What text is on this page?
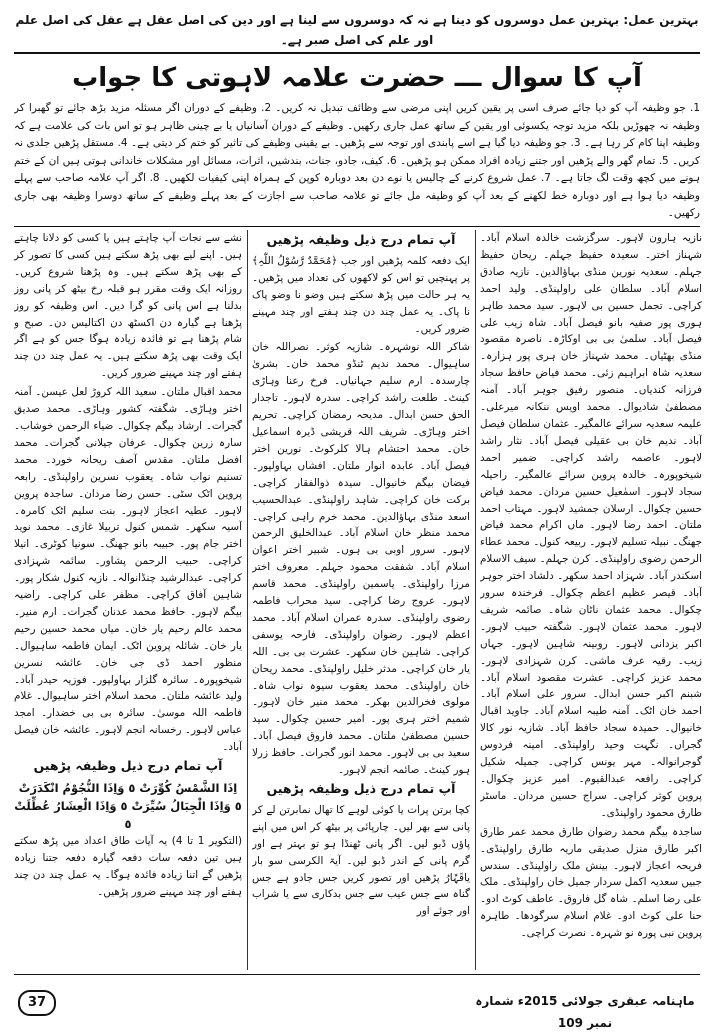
بہترین عمل: بہترین عمل دوسروں کو دینا ہے نہ کہ دوسروں سے لینا ہے اور دین کی اصل عقل ہے عقل کی اصل علم اور علم کی اصل صبر ہے۔
آپ کا سوال ـــ حضرت علامہ لاہوتی کا جواب
1. جو وظیفہ آپ کو دیا جائے صرف اسی پر یقین کریں اپنی مرضی سے وظائف تبدیل نہ کریں۔ 2. وظیفے کے دوران اگر مسئلہ مزید بڑھ جائے تو گھبرا کر وظیفہ نہ چھوڑیں بلکہ مزید توجہ یکسوئی اور یقین کے ساتھ عمل جاری رکھیں۔ وظیفے کے دوران آسانیاں یا بے چینی ظاہر ہو تو اس بات کی علامت ہے کہ وظیفہ اپنا کام کر رہا ہے۔ 3. جو وظیفہ دیا گیا ہے اسے پابندی اور توجہ سے پڑھیں۔ بے یقینی وظیفے کی تاثیر کو ختم کر دیتی ہے۔ 4. مستقل پڑھیں جلدی نہ کریں۔ 5. تمام گھر والے پڑھیں اور جتنے زیادہ افراد ممکن ہو پڑھیں۔ 6. کیف، جادو، جنات، بندشیں، اثرات، مسائل اور مشکلات خاندانی ہوتی ہیں ان کے ختم ہونے میں کچھ وقت لگ جاتا ہے۔ 7. عمل شروع کرنے کے چالیس یا نوے دن بعد دوبارہ کوپن کے ہمراہ اپنی کیفیات لکھیں۔ 8. اگر آپ علامہ صاحب سے پہلے وظیفہ دیا ہوا ہے اور دوبارہ خط لکھنے کے بعد آپ کو وظیفہ مل جائے تو علامہ صاحب سے اجازت کے بعد پہلے وظیفے کے ساتھ دوسرا وظیفہ بھی جاری رکھیں۔

نازیہ ہارون لاہور۔ سرگزشت خالدہ اسلام آباد۔ شہناز اختر۔ سعیدہ حفیظ جہلم۔ ریحان حفیظ جہلم۔ سعدیہ نورین منڈی بہاؤالدین۔ نازیہ صادق اسلام آباد۔ سلطان علی راولپنڈی۔ ولید احمد کراچی۔ تجمل حسین بی لاہور۔ سید محمد طاہر ہوری پور صفیہ بانو فیصل آباد۔ شاہ زیب علی فیصل آباد۔ سلمیٰ بی بی اوکاڑہ۔ ناصرہ مقصود منڈی بھٹیاں۔ محمد شہناز خان ہری پور ہزارہ۔ سعدیہ شاہ ابراہیم زئی۔ محمد فیاض حافظ سجاد فرزانہ کندیاں۔ منصور رفیق جوہر آباد۔ آمنہ مصطفیٰ شادیوال۔ محمد اویس ننکانہ میرعلی۔ علیمہ سعدیہ سرائے عالمگیر۔ عثمان سلطان فیصل آباد۔ ندیم خان بی عقیلی فیصل آباد۔ نثار راشد لاہور۔ عاصمہ راشد کراچی۔ ضمیر احمد شیخوپورہ۔ خالدہ پروین سرائے عالمگیر۔ راحیلہ سجاد لاہور۔ اسمٰعیل حسین مردان۔ محمد فیاض حسین چکوال۔ ارسلان جمشید لاہور۔ مہتاب احمد ملتان۔ احمد رضا لاہور۔ ماں اکرام محمد فیاض جھنگ۔ نبیلہ تسلیم لاہور۔ ربیعہ کنول۔ محمد عطاء الرحمن رضوی راولپنڈی۔ کرن جہلم۔ سیف الاسلام اسکندر آباد۔ شہزاد احمد سکھر۔ دلشاد اختر جوہر آباد۔ قیصر عظیم اعظم چکوال۔ فرخندہ سرور چکوال۔ محمد عثمان ناٹان شاہ۔ صائمہ شریف لاہور۔ محمد عثمان لاہور۔ شگفتہ حبیب لاہور۔ اکبر یزدانی لاہور۔ روبینہ شاہین لاہور۔ جہاں زیب۔ رقیہ عرف ماشی۔ کرن شہزادی لاہور۔ محمد عزیز کراچی۔ عشرت مقصود اسلام آباد۔ شبنم اکبر حسن ابدال۔ سرور علی اسلام آباد۔ احمد خان اٹک۔ آمنہ طیبہ اسلام آباد۔ جاوید اقبال خانیوال۔ حمیدہ سجاد حافظ آباد۔ شازیہ نور کالا گجراں۔ نگہت وحید راولپنڈی۔ امینہ فردوس گوجرانوالہ۔ مہر یونس کراچی۔ جمیلہ شکیل کراچی۔ رافعہ عبدالقیوم۔ امیر عزیز چکوال۔ پروین کوثر کراچی۔ سراج حسین مردان۔ ماسٹر طارق محمود راولپنڈی۔

ساجدہ بیگم محمد رضوان طارق محمد عمر طارق اکبر طارق منزل صدیقی ماریہ طارق راولپنڈی۔ فریحہ اعجاز لاہور۔ بینش ملک راولپنڈی۔ سندس جبیں سعدیہ اکمل سردار جمیل خان راولپنڈی۔ ملک علی رضا اسلم۔ شاہ گل فاروق۔ عاطف کوٹ ادو۔ حنا علی کوٹ ادو۔ غلام اسلام سرگودھا۔ طاہرہ پروین نبی پورہ نو شہرہ۔ نصرت کراچی۔

آپ تمام درج ذیل وظیفہ پڑھیں

ایک دفعہ کلمہ پڑھیں اور جب ﴿مُحَمَّدٌ رَّسُوْلُ اللّٰہِ﴾ پر پہنچیں تو اس کو لاکھوں کی تعداد میں پڑھیں۔ یہ ہر حالت میں پڑھ سکتے ہیں وضو نا وضو پاک نا پاک۔ یہ عمل چند دن چند ہفتے اور چند مہینے ضرور کریں۔

شاکر اللہ نوشہرہ۔ شازیہ کوثر۔ نصراللہ خان ساہیوال۔ محمد ندیم ٹنڈو محمد خان۔ بشریٰ چارسدہ۔ ارم سلیم جہانیاں۔ فرخ رعنا وہاڑی کینٹ۔ طلعت راشد کراچی۔ سدرہ لاہور۔ تاجدار الحق حسن ابدال۔ مدیحہ رمضان کراچی۔ تحریم اختر وہاڑی۔ شریف اللہ قریشی ڈیرہ اسماعیل خان۔ محمد احتشام ہالا کلرکوٹ۔ نورین اختر فیصل آباد۔ عابدہ انوار ملتان۔ افشاں بہاولپور۔ فیضان بیگم خانیوال۔ سیدہ ذوالفقار کراچی۔ برکت خان کراچی۔ شاہد راولپنڈی۔ عبدالحسیب اسعد منڈی بہاؤالدین۔ محمد خرم راہی کراچی۔ محمد منظر خان اسلام آباد۔ عبدالخلیق الرحمن لاہور۔ سرور اوبی بی ہوں۔ شبیر اختر اعوان اسلام آباد۔ شفقت محمود جہلم۔ معروف اختر مرزا راولپنڈی۔ یاسمین راولپنڈی۔ محمد قاسم لاہور۔ عروج رضا کراچی۔ سید محراب فاطمہ رضوی راولپنڈی۔ سدرہ عمران اسلام آباد۔ محمد اعظم لاہور۔ رضوان راولپنڈی۔ فارحہ یوسفی کراچی۔ شاہین خان سکھر۔ عشرت بی بی۔ اللہ یار خان کراچی۔ مدثر خلیل راولپنڈی۔ محمد ریحان خان راولپنڈی۔ محمد یعقوب سیوہ نواب شاہ۔ مولوی فخرالدین بھکر۔ محمد منیر خان لاہور۔ شمیم اختر ہری پور۔ امیر حسین چکوال۔ سید حسین مصطفیٰ ملتان۔ محمد فاروق فیصل آباد۔ سعید بی بی لاہور۔ محمد انور گجرات۔ حافظ زرلا ہور کینٹ۔ صائمہ انجم لاہور۔

آپ تمام درج ذیل وظیفہ پڑھیں

کچا برتن پرات یا کوئی لوہے کا تھال نمابرتن لے کر پانی سے بھر لیں۔ چارپائی پر بیٹھ کر اس میں اپنے پاؤں ڈبو لیں۔ اگر پانی ٹھنڈا ہو تو بہتر ہے اور گرم پانی کے اندر ڈبو لیں۔ آیۃ الکرسی سو بار یاقَہَّارُ پڑھیں اور تصور کریں جس جادو ہے جس گناہ سے جس عیب سے جس بدکاری سے یا شراب اور جوئے اور

نشے سے نجات آپ چاہتے ہیں یا کسی کو دلانا چاہتے ہیں۔ اپنے لیے بھی پڑھ سکتے ہیں کسی کا تصور کر کے بھی پڑھ سکتے ہیں۔ وہ پڑھنا شروع کریں۔ روزانہ ایک وقت مقرر ہو قبلہ رخ بیٹھ کر پانی روز بدلنا ہے اس پانی کو گرا دیں۔ اس وظیفہ کو روز پڑھنا ہے گیارہ دن اکسٹھ دن اکتالیس دن۔ صبح و شام پڑھنا ہے تو فائدہ زیادہ ہوگا جس کو ہے اگر ایک وقت بھی پڑھ سکتے ہیں۔ یہ عمل چند دن چند ہفتے اور چند مہینے ضرور کریں۔

محمد اقبال ملتان۔ سعید اللہ کروڑ لعل عیسن۔ آمنہ اختر وہاڑی۔ شگفتہ کشور وہاڑی۔ محمد صدیق گجرات۔ ارشاد بیگم چکوال۔ ضیاء الرحمن خوشاب۔ سارہ زرین چکوال۔ عرفان جیلانی گجرات۔ محمد افضل ملتان۔ مقدس آصف ریحانہ خورد۔ محمد تسنیم نواب شاہ۔ یعقوب نسرین راولپنڈی۔ رابعہ پروین اٹک سٹی۔ حسن رضا مردان۔ ساجدہ پروین لاہور۔ عطیہ اعجاز لاہور۔ بنت سلیم اٹک کامرہ۔ آسیہ سکھر۔ شمس کنول تربیلا غازی۔ محمد نوید اختر جام پور۔ حبیبہ بانو جھنگ۔ سونیا کوٹری۔ انیلا کراچی۔ حبیب الرحمن پشاور۔ سائمہ شہزادی کراچی۔ عبدالرشید چنڈانوالہ۔ نازیہ کنول شکار پور۔ شاہین آفاق کراچی۔ مظفر علی کراچی۔ راضیہ بیگم لاہور۔ حافظ محمد عدنان گجرات۔ ارم منیر۔ محمد عالم رحیم یار خان۔ میاں محمد حسین رحیم یار خان۔ شائلہ پروین اٹک۔ ایمان فاطمہ ساہیوال۔ منظور احمد ڈی جی خان۔ عائشہ نسرین شیخوپورہ۔ سائرہ گلزار بہاولپور۔ فوزیہ حیدر آباد۔ ولید عائشہ ملتان۔ محمد اسلام اختر ساہیوال۔ غلام فاطمہ اللہ موسیٰ۔ سائرہ بی بی خضدار۔ امجد عباس لاہور۔ رخسانہ انجم لاہور۔ عائشہ خان فیصل آباد۔

آپ تمام درج ذیل وظیفہ پڑھیں
اِذَا الشَّمْسُ كُوِّرَتْ ٥ وَاِذَا النُّجُوْمُ انْكَدَرَتْ ٥ وَاِذَا الْجِبَالُ سُيِّرَتْ ٥ وَاِذَا الْعِشَارُ عُطِّلَتْ ٥

(التکویر 1 تا 4) یہ آیات طاق اعداد میں پڑھ سکتے ہیں تین دفعہ سات دفعہ گیارہ دفعہ جتنا زیادہ پڑھیں گے اتنا زیادہ فائدہ ہوگا۔ یہ عمل چند دن چند ہفتے اور چند مہینے ضرور پڑھیں۔

ماہنامہ عبقری جولائی 2015ء شمارہ نمبر 109
37
